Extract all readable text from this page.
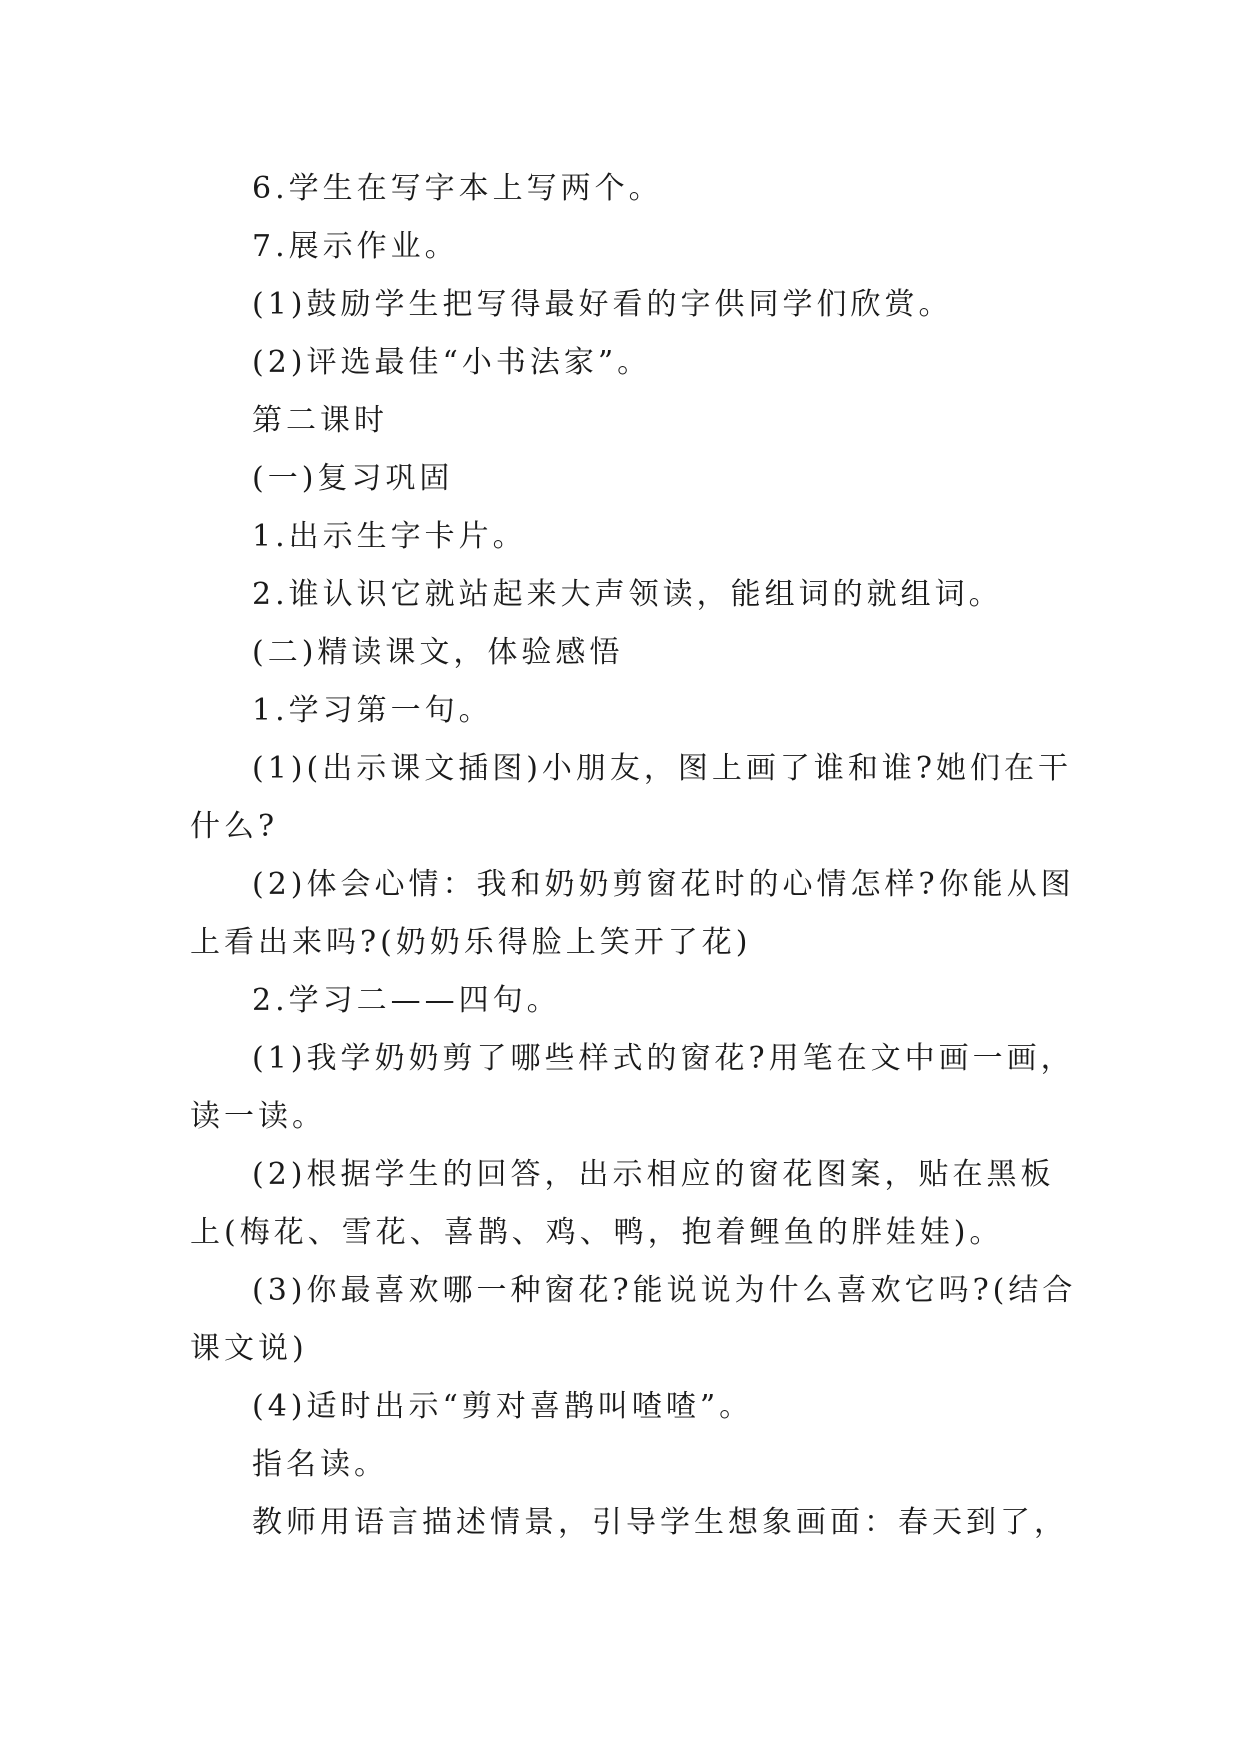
6.学生在写字本上写两个。
7.展示作业。
(1)鼓励学生把写得最好看的字供同学们欣赏。
(2)评选最佳“小书法家”。
第二课时
(一)复习巩固
1.出示生字卡片。
2.谁认识它就站起来大声领读，能组词的就组词。
(二)精读课文，体验感悟
1.学习第一句。
(1)(出示课文插图)小朋友，图上画了谁和谁?她们在干
什么?
(2)体会心情：我和奶奶剪窗花时的心情怎样?你能从图
上看出来吗?(奶奶乐得脸上笑开了花)
2.学习二——四句。
(1)我学奶奶剪了哪些样式的窗花?用笔在文中画一画，
读一读。
(2)根据学生的回答，出示相应的窗花图案，贴在黑板
上(梅花、雪花、喜鹊、鸡、鸭，抱着鲤鱼的胖娃娃)。
(3)你最喜欢哪一种窗花?能说说为什么喜欢它吗?(结合
课文说)
(4)适时出示“剪对喜鹊叫喳喳”。
指名读。
教师用语言描述情景，引导学生想象画面：春天到了，
